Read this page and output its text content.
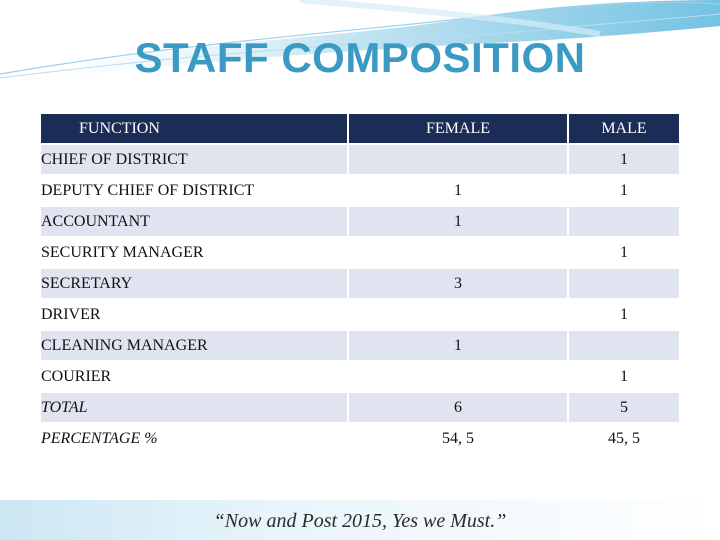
STAFF COMPOSITION
FUNCTION	FEMALE	MALE
CHIEF OF DISTRICT		1
DEPUTY CHIEF OF DISTRICT	1	1
ACCOUNTANT	1	
SECURITY MANAGER		1
SECRETARY	3	
DRIVER		1
CLEANING MANAGER	1	
COURIER		1
TOTAL	6	5
PERCENTAGE %	54, 5	45, 5
“Now and Post 2015, Yes we Must.”
